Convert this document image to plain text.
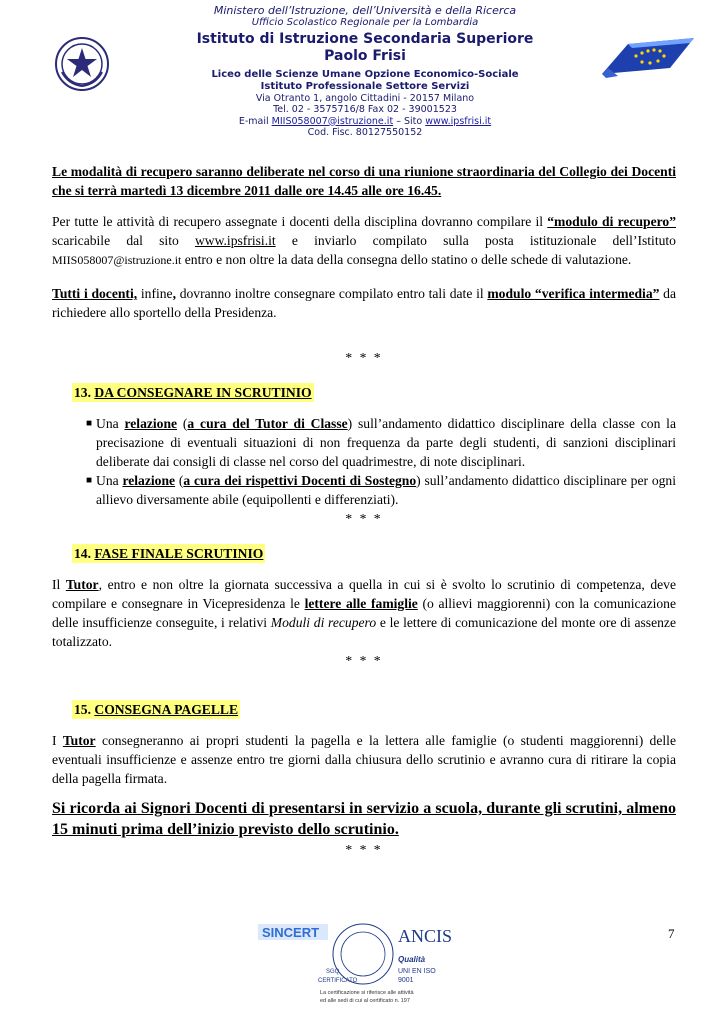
Ministero dell’Istruzione, dell’Università e della Ricerca
Ufficio Scolastico Regionale per la Lombardia
Istituto di Istruzione Secondaria Superiore
Paolo Frisi
Liceo delle Scienze Umane Opzione Economico-Sociale
Istituto Professionale Settore Servizi
Via Otranto 1, angolo Cittadini - 20157 Milano
Tel. 02 - 3575716/8 Fax 02 - 39001523
E-mail MIIS058007@istruzione.it – Sito www.ipsfrisi.it
Cod. Fisc. 80127550152

Le modalità di recupero saranno deliberate nel corso di una riunione straordinaria del Collegio dei Docenti che si terrà martedì 13 dicembre 2011 dalle ore 14.45 alle ore 16.45.

Per tutte le attività di recupero assegnate i docenti della disciplina dovranno compilare il “modulo di recupero” scaricabile dal sito www.ipsfrisi.it e inviarlo compilato sulla posta istituzionale dell’Istituto MIIS058007@istruzione.it entro e non oltre la data della consegna dello statino o delle schede di valutazione.

Tutti i docenti, infine, dovranno inoltre consegnare compilato entro tali date il modulo “verifica intermedia” da richiedere allo sportello della Presidenza.

* * *

13. DA CONSEGNARE IN SCRUTINIO

■ Una relazione (a cura del Tutor di Classe) sull’andamento didattico disciplinare della classe con la precisazione di eventuali situazioni di non frequenza da parte degli studenti, di sanzioni disciplinari deliberate dai consigli di classe nel corso del quadrimestre, di note disciplinari.
■ Una relazione (a cura dei rispettivi Docenti di Sostegno) sull’andamento didattico disciplinare per ogni allievo diversamente abile (equipollenti e differenziati).

* * *

14. FASE FINALE SCRUTINIO

Il Tutor, entro e non oltre la giornata successiva a quella in cui si è svolto lo scrutinio di competenza, deve compilare e consegnare in Vicepresidenza le lettere alle famiglie (o allievi maggiorenni) con la comunicazione delle insufficienze conseguite, i relativi Moduli di recupero e le lettere di comunicazione del monte ore di assenze totalizzato.

* * *

15. CONSEGNA PAGELLE

I Tutor consegneranno ai propri studenti la pagella e la lettera alle famiglie (o studenti maggiorenni) delle eventuali insufficienze e assenze entro tre giorni dalla chiusura dello scrutinio e avranno cura di ritirare la copia della pagella firmata.

Si ricorda ai Signori Docenti di presentarsi in servizio a scuola, durante gli scrutini, almeno 15 minuti prima dell’inizio previsto dello scrutinio.

* * *

7
SINCERT	ANCIS
Qualità
UNI EN ISO
9001
SGQ
CERTIFICATO
La certificazione si riferisce alle attività
ed alle sedi di cui al certificato n. 197
